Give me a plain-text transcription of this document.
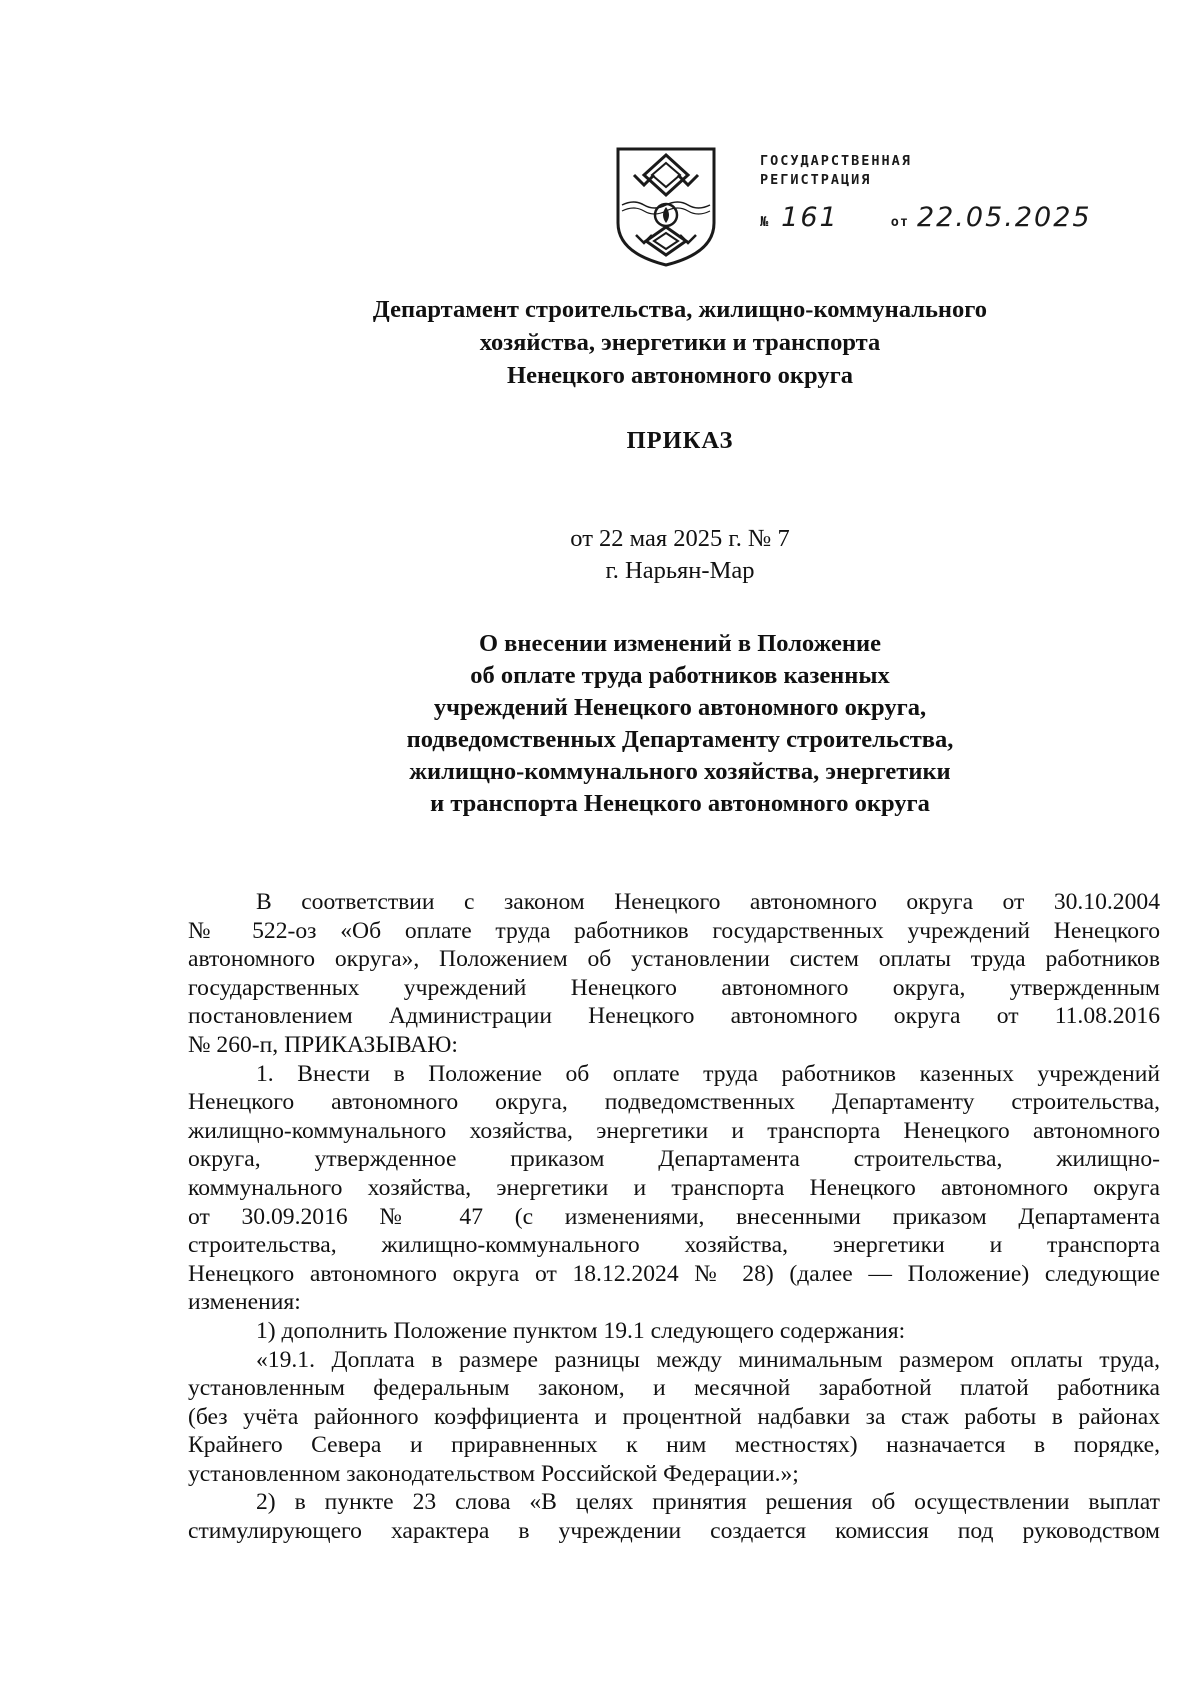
ГОСУДАРСТВЕННАЯ
РЕГИСТРАЦИЯ
№ 161	от 22.05.2025
Департамент строительства, жилищно-коммунального
хозяйства, энергетики и транспорта
Ненецкого автономного округа
ПРИКАЗ
от 22 мая 2025 г. № 7
г. Нарьян-Мар
О внесении изменений в Положение
об оплате труда работников казенных
учреждений Ненецкого автономного округа,
подведомственных Департаменту строительства,
жилищно-коммунального хозяйства, энергетики
и транспорта Ненецкого автономного округа
В соответствии с законом Ненецкого автономного округа от 30.10.2004
№ 522-оз «Об оплате труда работников государственных учреждений Ненецкого
автономного округа», Положением об установлении систем оплаты труда работников
государственных учреждений Ненецкого автономного округа, утвержденным
постановлением Администрации Ненецкого автономного округа от 11.08.2016
№ 260-п, ПРИКАЗЫВАЮ:
1. Внести в Положение об оплате труда работников казенных учреждений
Ненецкого автономного округа, подведомственных Департаменту строительства,
жилищно-коммунального хозяйства, энергетики и транспорта Ненецкого автономного
округа, утвержденное приказом Департамента строительства, жилищно-
коммунального хозяйства, энергетики и транспорта Ненецкого автономного округа
от 30.09.2016 № 47 (с изменениями, внесенными приказом Департамента
строительства, жилищно-коммунального хозяйства, энергетики и транспорта
Ненецкого автономного округа от 18.12.2024 № 28) (далее — Положение) следующие
изменения:
1) дополнить Положение пунктом 19.1 следующего содержания:
«19.1. Доплата в размере разницы между минимальным размером оплаты труда,
установленным федеральным законом, и месячной заработной платой работника
(без учёта районного коэффициента и процентной надбавки за стаж работы в районах
Крайнего Севера и приравненных к ним местностях) назначается в порядке,
установленном законодательством Российской Федерации.»;
2) в пункте 23 слова «В целях принятия решения об осуществлении выплат
стимулирующего характера в учреждении создается комиссия под руководством
